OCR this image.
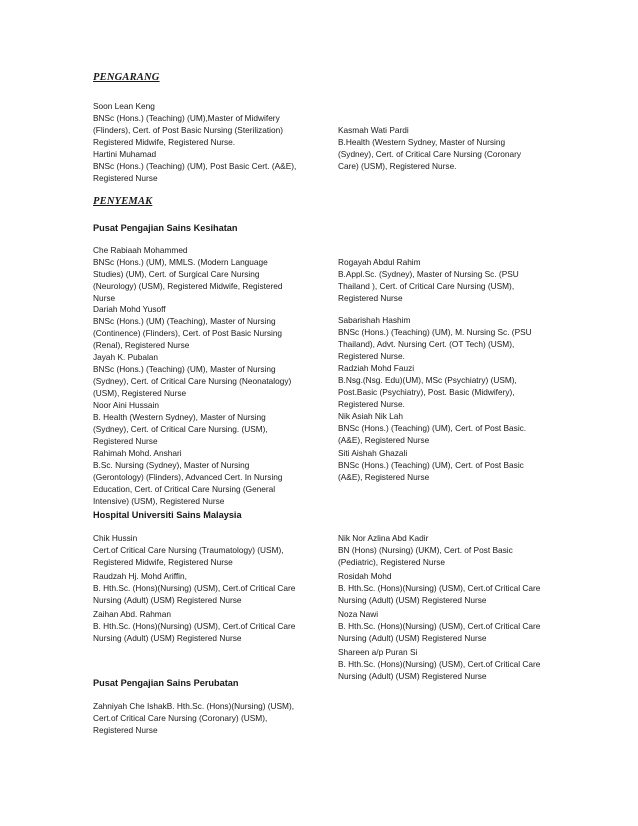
PENGARANG
Soon Lean Keng
BNSc (Hons.) (Teaching) (UM),Master of Midwifery
(Flinders), Cert. of Post Basic Nursing (Sterilization)
Registered Midwife, Registered Nurse.
Hartini Muhamad
BNSc (Hons.) (Teaching) (UM), Post Basic Cert. (A&E),
Registered Nurse
Kasmah Wati Pardi
B.Health (Western Sydney, Master of Nursing
(Sydney), Cert. of Critical Care Nursing (Coronary
Care) (USM), Registered Nurse.
PENYEMAK
Pusat Pengajian Sains Kesihatan
Che Rabiaah Mohammed
BNSc (Hons.) (UM), MMLS. (Modern Language
Studies) (UM), Cert. of Surgical Care Nursing
(Neurology) (USM), Registered Midwife, Registered
Nurse
Dariah Mohd Yusoff
BNSc (Hons.) (UM) (Teaching), Master of Nursing
(Continence) (Flinders), Cert. of Post Basic Nursing
(Renal), Registered Nurse
Jayah K. Pubalan
BNSc (Hons.) (Teaching) (UM), Master of Nursing
(Sydney), Cert. of Critical Care Nursing (Neonatalogy)
(USM), Registered Nurse
Noor Aini Hussain
B. Health (Western Sydney), Master of Nursing
(Sydney), Cert. of Critical Care Nursing. (USM),
Registered Nurse
Rahimah Mohd. Anshari
B.Sc. Nursing (Sydney), Master of Nursing
(Gerontology) (Flinders), Advanced Cert. In Nursing
Education, Cert. of Critical Care Nursing (General
Intensive) (USM), Registered Nurse
Rogayah Abdul Rahim
B.Appl.Sc. (Sydney), Master of Nursing Sc. (PSU
Thailand ), Cert. of Critical Care Nursing (USM),
Registered Nurse
Sabarishah Hashim
BNSc (Hons.) (Teaching) (UM), M. Nursing Sc. (PSU
Thailand), Advt. Nursing Cert. (OT Tech) (USM),
Registered Nurse.
Radziah Mohd Fauzi
B.Nsg.(Nsg. Edu)(UM), MSc (Psychiatry) (USM),
Post.Basic (Psychiatry), Post. Basic (Midwifery),
Registered Nurse.
Nik Asiah Nik Lah
BNSc (Hons.) (Teaching) (UM), Cert. of Post Basic.
(A&E), Registered Nurse
Siti Aishah Ghazali
BNSc (Hons.) (Teaching) (UM), Cert. of Post Basic
(A&E), Registered Nurse
Hospital Universiti Sains Malaysia
Chik Hussin
Cert.of Critical Care Nursing (Traumatology) (USM),
Registered Midwife, Registered Nurse
Raudzah Hj. Mohd Ariffin,
B. Hth.Sc. (Hons)(Nursing) (USM), Cert.of Critical Care
Nursing (Adult) (USM) Registered Nurse
Zaihan Abd. Rahman
B. Hth.Sc. (Hons)(Nursing) (USM), Cert.of Critical Care
Nursing (Adult) (USM) Registered Nurse
Nik Nor Azlina Abd Kadir
BN (Hons) (Nursing) (UKM), Cert. of Post Basic
(Pediatric), Registered Nurse
Rosidah Mohd
B. Hth.Sc. (Hons)(Nursing) (USM), Cert.of Critical Care
Nursing (Adult) (USM) Registered Nurse
Noza Nawi
B. Hth.Sc. (Hons)(Nursing) (USM), Cert.of Critical Care
Nursing (Adult) (USM) Registered Nurse
Shareen a/p Puran Si
B. Hth.Sc. (Hons)(Nursing) (USM), Cert.of Critical Care
Nursing (Adult) (USM) Registered Nurse
Pusat Pengajian Sains Perubatan
Zahniyah Che IshakB. Hth.Sc. (Hons)(Nursing) (USM),
Cert.of Critical Care Nursing (Coronary) (USM),
Registered Nurse
